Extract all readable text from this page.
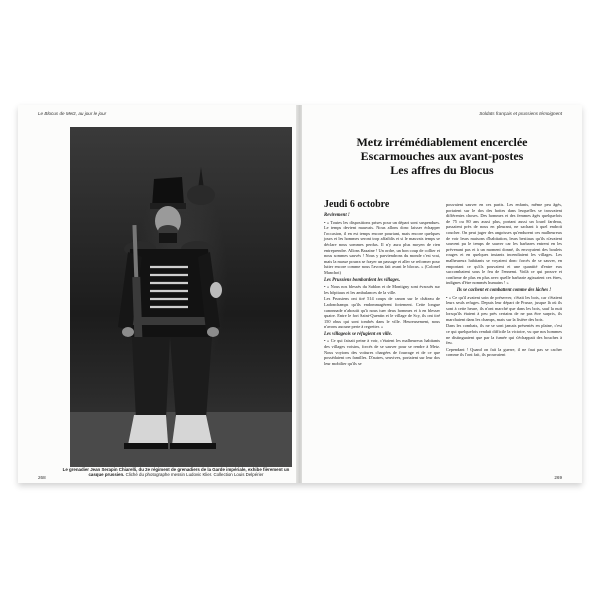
Le Blocus de Metz, au jour le jour
Le grenadier Jean Serapin Chiarelli, du 2e régiment de grenadiers de la Garde impériale, exhibe fièrement un casque prussien. Cliché du photographe messin Ludovic Klier. Collection Louis Delpérier
268
Soldats français et prussiens témoignent
Metz irrémédiablement encerclée
Escarmouches aux avant-postes
Les affres du Blocus
Jeudi 6 octobre
Revirement !
• « Toutes les dispositions prises pour un départ sont suspendues. Le temps devient mauvais. Nous allons donc laisser échapper l'occasion, il en est temps encore pourtant, mais encore quelques jours et les hommes seront trop affaiblis et si le mauvais temps se déclare nous sommes perdus. Il n'y aura plus moyen de rien entreprendre. Allons Bazaine ! Un ordre, un bon coup de collier et nous sommes sauvés ! Nous y parviendrons du monde c'est vrai, mais la masse pourra se frayer un passage et aller se reformer pour lutter encore comme nous l'avons fait avant le blocus. » (Colonel Manchot)
Les Prussiens bombardent les villages.
• « Nous nos blessés du Sablon et de Montigny sont évacués sur les hôpitaux et les ambulances de la ville.
Les Prussiens ont tiré 514 coups de canon sur le château de Ladonchamps qu'ils endommagèrent fortement. Cette longue canonnade n'aboutit qu'à nous tuer deux hommes et à en blesser quatre. Entre le fort Saint-Quentin et le village de Scy, ils ont tiré 150 obus qui sont tombés dans le ville. Heureusement, nous n'avons aucune perte à regretter. »
Les villageois se réfugient en ville.
• « Ce qui faisait peine à voir, c'étaient les malheureux habitants des villages voisins, forcés de se sauver pour se rendre à Metz. Nous voyions des voitures chargées de fourrage et de ce que possédaient ces familles. D'autres, seuvives, portaient sur leur dos leur mobilier qu'ils se
pouvaient sauver en ces partis. Les enfants, même peu âgés, portaient sur le dos des hottes dans lesquelles se trouvaient différentes choses. Des hommes et des femmes âgés quelquefois de 75 ou 80 ans aussi plus, portant aussi un lourd fardeau, passaient près de nous en pleurant, ne sachant à quel endroit coucher. On peut juger des angoisses qu'endurent ces malheureux de voir leurs maisons d'habitation, leurs bestiaux qu'ils n'avaient souvent pu le temps de sauver car les barbares entrent en les prévenant pas et à un moment donné, ils envoyaient des boulets rouges et en quelques instants incendiaient les villages. Les malheureux habitants se voyaient donc forcés de se sauver, en emportant ce qu'ils pouvaient et une quantité d'entre eux succombaient sous le feu de l'ennemi. Voilà ce qui prouve et confirme de plus en plus avec quelle barbarie agissaient ces êtres, indignes d'être nommés humains ! »
Ils se cachent et combattent comme des lâches !
• « Ce qu'il avaient soin de préserver, c'était les bois, car c'étaient leurs seuls refuges. Depuis leur départ de Prusse, jusque là où ils sont à cette heure, ils n'ont marché que dans les bois, sauf la nuit lorsqu'ils étaient à peu près certains de ne pas être surpris, ils marchaient dans les champs, mais sur la lisière des bois.
Dans les combats, ils ne se sont jamais présentés en plaine, c'est ce qui quelquefois rendait difficile la victoire, vu que nos hommes ne distinguaient que par la fumée qui s'échappait des bouches à feu.
Cependant ! Quand on fait la guerre, il ne faut pas se cacher comme ils l'ont fait, ils prouvaient
269
